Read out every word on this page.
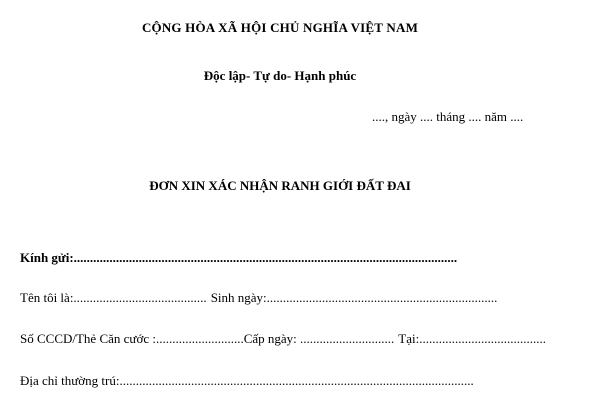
CỘNG HÒA XÃ HỘI CHỦ NGHĨA VIỆT NAM
Độc lập- Tự do- Hạnh phúc
...., ngày .... tháng .... năm ....
ĐƠN XIN XÁC NHẬN RANH GIỚI ĐẤT ĐAI
Kính gửi:......................................................................................................................
Tên tôi là:......................................... Sinh ngày:.......................................................................
Số CCCD/Thẻ Căn cước :...........................Cấp ngày: ............................. Tại:.......................................
Địa chỉ thường trú:.............................................................................................................
